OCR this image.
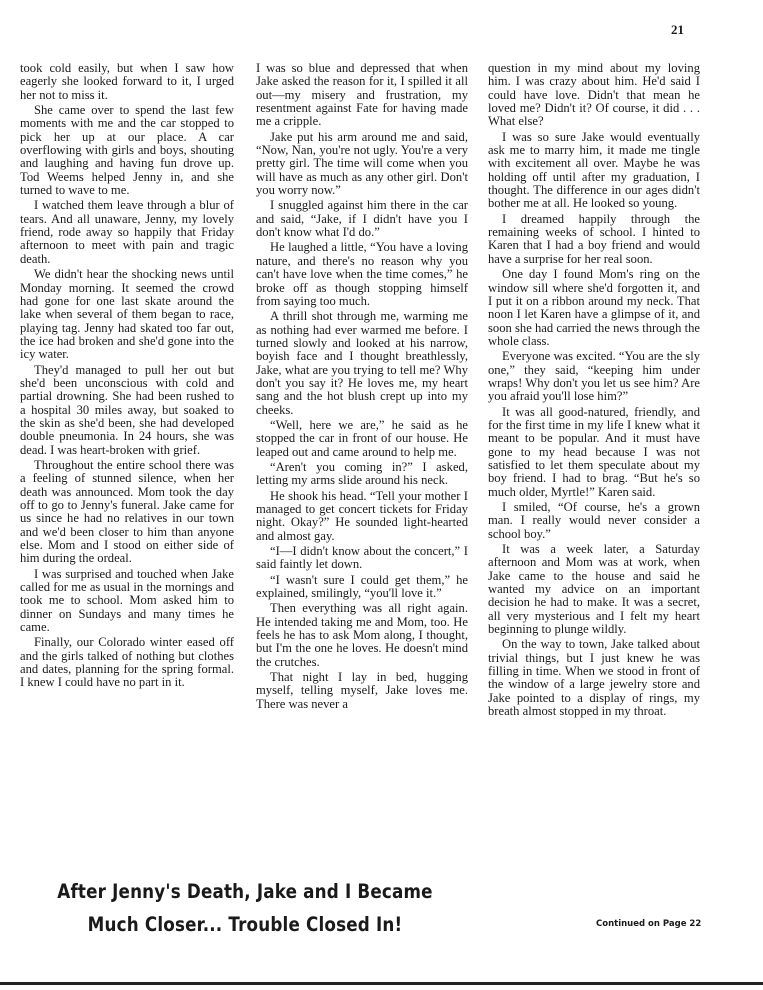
21

took cold easily, but when I saw how eagerly she looked forward to it, I urged her not to miss it.

She came over to spend the last few moments with me and the car stopped to pick her up at our place. A car overflowing with girls and boys, shouting and laughing and having fun drove up. Tod Weems helped Jenny in, and she turned to wave to me.

I watched them leave through a blur of tears. And all unaware, Jenny, my lovely friend, rode away so happily that Friday afternoon to meet with pain and tragic death.

We didn't hear the shocking news until Monday morning. It seemed the crowd had gone for one last skate around the lake when several of them began to race, playing tag. Jenny had skated too far out, the ice had broken and she'd gone into the icy water.

They'd managed to pull her out but she'd been unconscious with cold and partial drowning. She had been rushed to a hospital 30 miles away, but soaked to the skin as she'd been, she had developed double pneumonia. In 24 hours, she was dead. I was heart-broken with grief.

Throughout the entire school there was a feeling of stunned silence, when her death was announced. Mom took the day off to go to Jenny's funeral. Jake came for us since he had no relatives in our town and we'd been closer to him than anyone else. Mom and I stood on either side of him during the ordeal.

I was surprised and touched when Jake called for me as usual in the mornings and took me to school. Mom asked him to dinner on Sundays and many times he came.

Finally, our Colorado winter eased off and the girls talked of nothing but clothes and dates, planning for the spring formal. I knew I could have no part in it.

I was so blue and depressed that when Jake asked the reason for it, I spilled it all out—my misery and frustration, my resentment against Fate for having made me a cripple.

Jake put his arm around me and said, “Now, Nan, you're not ugly. You're a very pretty girl. The time will come when you will have as much as any other girl. Don't you worry now.”

I snuggled against him there in the car and said, “Jake, if I didn't have you I don't know what I'd do.”

He laughed a little, “You have a loving nature, and there's no reason why you can't have love when the time comes,” he broke off as though stopping himself from saying too much.

A thrill shot through me, warming me as nothing had ever warmed me before. I turned slowly and looked at his narrow, boyish face and I thought breathlessly, Jake, what are you trying to tell me? Why don't you say it? He loves me, my heart sang and the hot blush crept up into my cheeks.

“Well, here we are,” he said as he stopped the car in front of our house. He leaped out and came around to help me.

“Aren't you coming in?” I asked, letting my arms slide around his neck.

He shook his head. “Tell your mother I managed to get concert tickets for Friday night. Okay?” He sounded light-hearted and almost gay.

“I—I didn't know about the concert,” I said faintly let down.

“I wasn't sure I could get them,” he explained, smilingly, “you'll love it.”

Then everything was all right again. He intended taking me and Mom, too. He feels he has to ask Mom along, I thought, but I'm the one he loves. He doesn't mind the crutches.

That night I lay in bed, hugging myself, telling myself, Jake loves me. There was never a

question in my mind about my loving him. I was crazy about him. He'd said I could have love. Didn't that mean he loved me? Didn't it? Of course, it did . . . What else?

I was so sure Jake would eventually ask me to marry him, it made me tingle with excitement all over. Maybe he was holding off until after my graduation, I thought. The difference in our ages didn't bother me at all. He looked so young.

I dreamed happily through the remaining weeks of school. I hinted to Karen that I had a boy friend and would have a surprise for her real soon.

One day I found Mom's ring on the window sill where she'd forgotten it, and I put it on a ribbon around my neck. That noon I let Karen have a glimpse of it, and soon she had carried the news through the whole class.

Everyone was excited. “You are the sly one,” they said, “keeping him under wraps! Why don't you let us see him? Are you afraid you'll lose him?”

It was all good-natured, friendly, and for the first time in my life I knew what it meant to be popular. And it must have gone to my head because I was not satisfied to let them speculate about my boy friend. I had to brag. “But he's so much older, Myrtle!” Karen said.

I smiled, “Of course, he's a grown man. I really would never consider a school boy.”

It was a week later, a Saturday afternoon and Mom was at work, when Jake came to the house and said he wanted my advice on an important decision he had to make. It was a secret, all very mysterious and I felt my heart beginning to plunge wildly.

On the way to town, Jake talked about trivial things, but I just knew he was filling in time. When we stood in front of the window of a large jewelry store and Jake pointed to a display of rings, my breath almost stopped in my throat.

After Jenny's Death, Jake and I Became
Much Closer... Trouble Closed In!	Continued on Page 22
